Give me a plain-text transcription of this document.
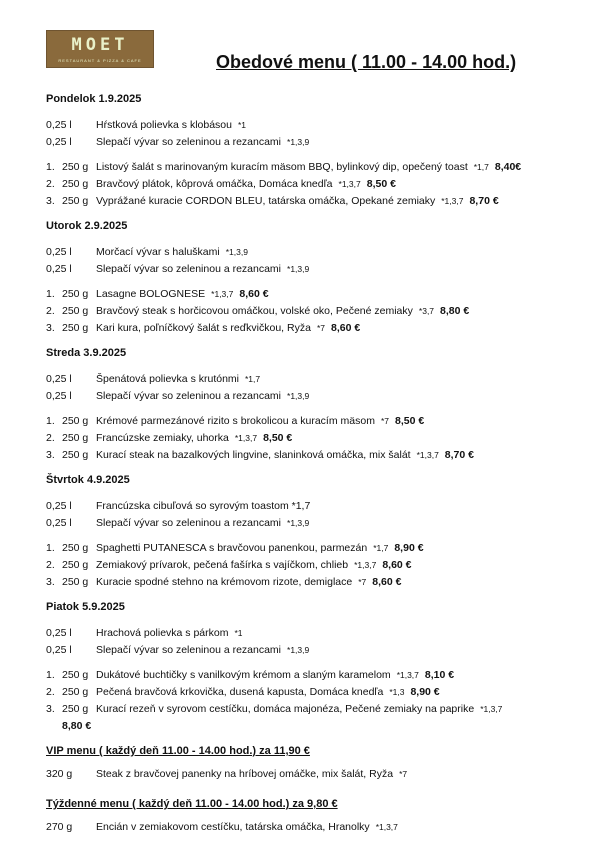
MOET
RESTAURANT & PIZZA & CAFE	Obedové menu ( 11.00 - 14.00 hod.)
Pondelok 1.9.2025
0,25 l Hŕstková polievka s klobásou *1
0,25 l Slepačí vývar so zeleninou a rezancami *1,3,9
1. 250 g Listový šalát s marinovaným kuracím mäsom BBQ, bylinkový dip, opečený toast *1,7 8,40€
2. 250 g Bravčový plátok, kôprová omáčka, Domáca knedľa *1,3,7 8,50 €
3. 250 g Vyprážané kuracie CORDON BLEU, tatárska omáčka, Opekané zemiaky *1,3,7 8,70 €
Utorok 2.9.2025
0,25 l Morčací vývar s haluškami *1,3,9
0,25 l Slepačí vývar so zeleninou a rezancami *1,3,9
1. 250 g Lasagne BOLOGNESE *1,3,7 8,60 €
2. 250 g Bravčový steak s horčicovou omáčkou, volské oko, Pečené zemiaky *3,7 8,80 €
3. 250 g Kari kura, poľníčkový šalát s reďkvičkou, Ryža *7 8,60 €
Streda 3.9.2025
0,25 l Špenátová polievka s krutónmi *1,7
0,25 l Slepačí vývar so zeleninou a rezancami *1,3,9
1. 250 g Krémové parmezánové rizito s brokolicou a kuracím mäsom *7 8,50 €
2. 250 g Francúzske zemiaky, uhorka *1,3,7 8,50 €
3. 250 g Kurací steak na bazalkových lingvine, slaninková omáčka, mix šalát *1,3,7 8,70 €
Štvrtok 4.9.2025
0,25 l Francúzska cibuľová so syrovým toastom *1,7
0,25 l Slepačí vývar so zeleninou a rezancami *1,3,9
1. 250 g Spaghetti PUTANESCA s bravčovou panenkou, parmezán *1,7 8,90 €
2. 250 g Zemiakový prívarok, pečená fašírka s vajíčkom, chlieb *1,3,7 8,60 €
3. 250 g Kuracie spodné stehno na krémovom rizote, demiglace *7 8,60 €
Piatok 5.9.2025
0,25 l Hrachová polievka s párkom *1
0,25 l Slepačí vývar so zeleninou a rezancami *1,3,9
1. 250 g Dukátové buchtičky s vanilkovým krémom a slaným karamelom *1,3,7 8,10 €
2. 250 g Pečená bravčová krkovička, dusená kapusta, Domáca knedľa *1,3 8,90 €
3. 250 g Kurací rezeň v syrovom cestíčku, domáca majonéza, Pečené zemiaky na paprike *1,3,7
8,80 €
VIP menu ( každý deň 11.00 - 14.00 hod.) za 11,90 €
320 g Steak z bravčovej panenky na hríbovej omáčke, mix šalát, Ryža *7
Týždenné menu ( každý deň 11.00 - 14.00 hod.) za 9,80 €
270 g Encián v zemiakovom cestíčku, tatárska omáčka, Hranolky *1,3,7
